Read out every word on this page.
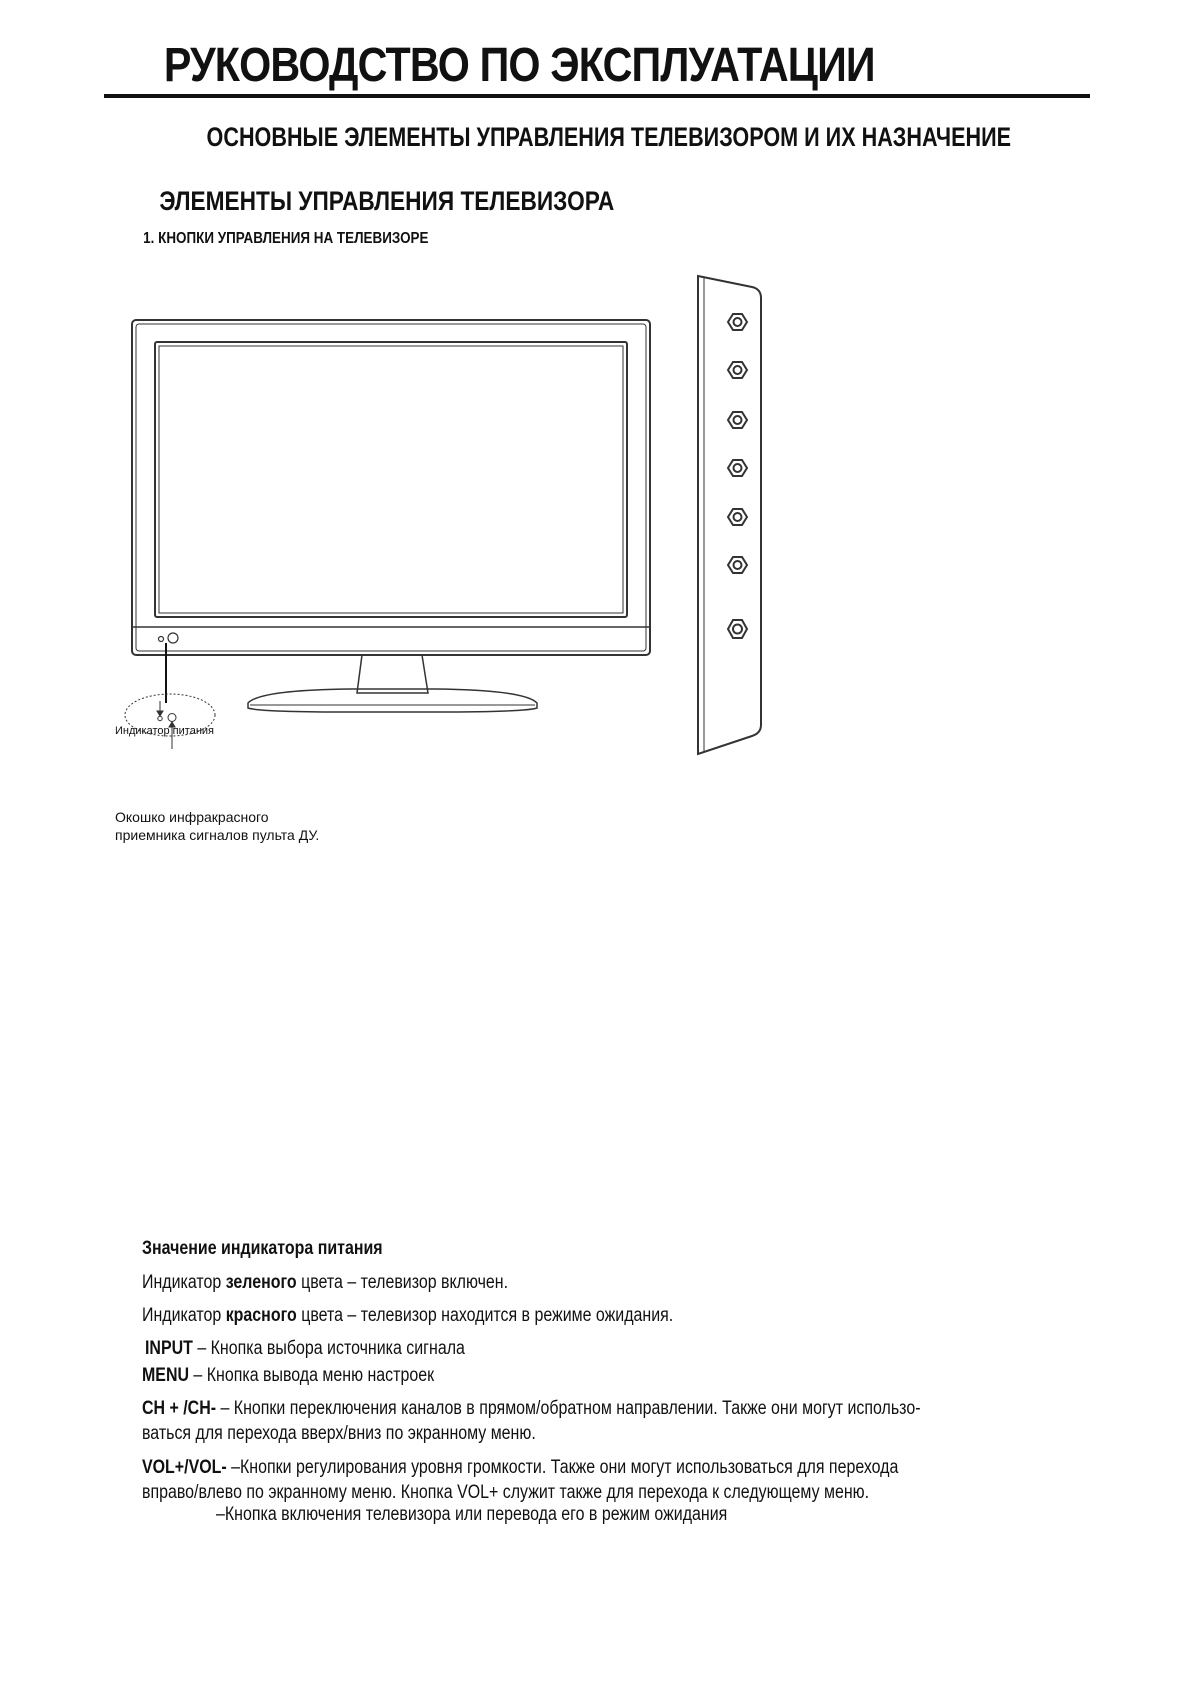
РУКОВОДСТВО ПО ЭКСПЛУАТАЦИИ
ОСНОВНЫЕ ЭЛЕМЕНТЫ УПРАВЛЕНИЯ ТЕЛЕВИЗОРОМ И ИХ НАЗНАЧЕНИЕ
ЭЛЕМЕНТЫ УПРАВЛЕНИЯ ТЕЛЕВИЗОРА
1. КНОПКИ УПРАВЛЕНИЯ НА ТЕЛЕВИЗОРЕ
Индикатор питания
Окошко инфракрасного
приемника сигналов пульта ДУ.
Значение индикатора питания
Индикатор зеленого цвета – телевизор включен.
Индикатор красного цвета – телевизор находится в режиме ожидания.
INPUT – Кнопка выбора источника сигнала
MENU – Кнопка вывода меню настроек
CH + /CH- – Кнопки переключения каналов в прямом/обратном направлении. Также они могут использо-
ваться для перехода вверх/вниз по экранному меню.
VOL+/VOL- –Кнопки регулирования уровня громкости. Также они могут использоваться для перехода
вправо/влево по экранному меню. Кнопка VOL+ служит также для перехода к следующему меню.
–Кнопка включения телевизора или перевода его в режим ожидания
